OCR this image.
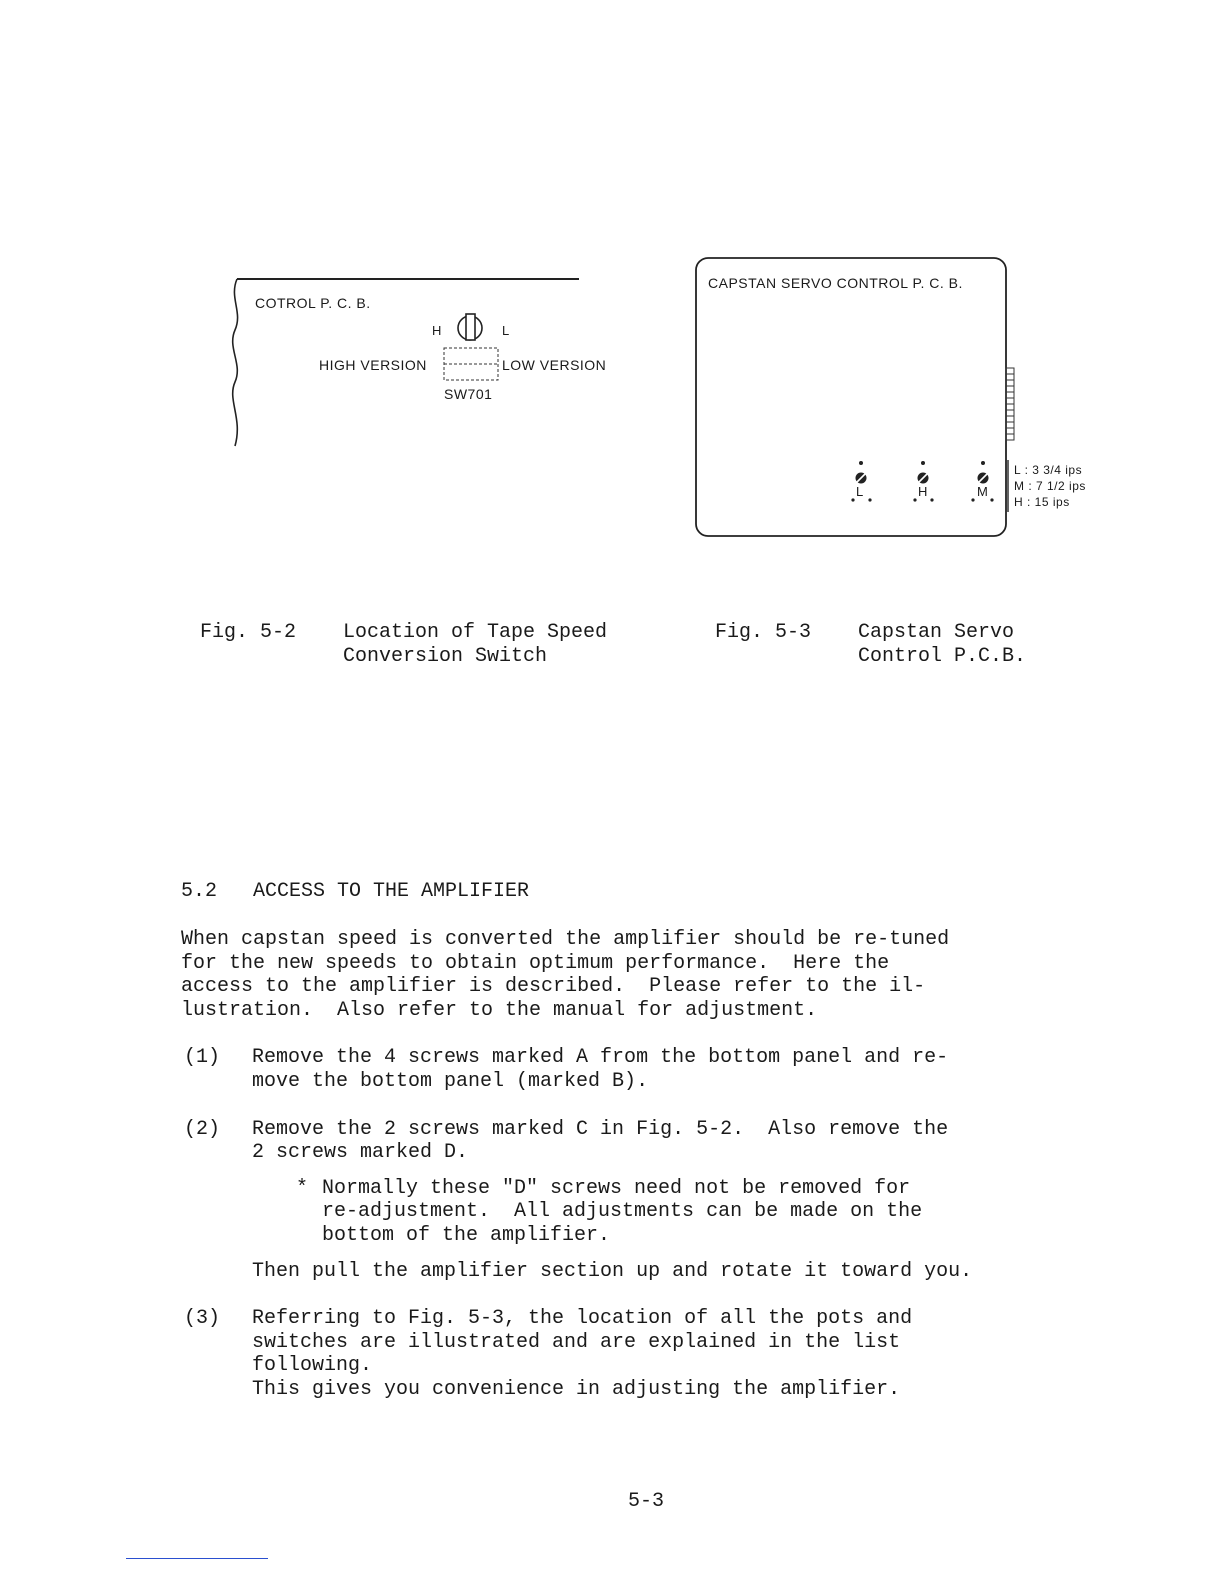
COTROL P. C. B.
H	L
HIGH VERSION	LOW VERSION
SW701
CAPSTAN SERVO CONTROL P. C. B.
L	H	M
L : 3 3/4 ips
M : 7 1/2 ips
H : 15 ips
Fig. 5-2 Location of Tape Speed
Conversion Switch
Fig. 5-3 Capstan Servo
Control P.C.B.
5.2   ACCESS TO THE AMPLIFIER
When capstan speed is converted the amplifier should be re-tuned
for the new speeds to obtain optimum performance.  Here the
access to the amplifier is described.  Please refer to the il-
lustration.  Also refer to the manual for adjustment.
(1) Remove the 4 screws marked A from the bottom panel and re-
move the bottom panel (marked B).
(2) Remove the 2 screws marked C in Fig. 5-2.  Also remove the
2 screws marked D.
* Normally these "D" screws need not be removed for
re-adjustment.  All adjustments can be made on the
bottom of the amplifier.
Then pull the amplifier section up and rotate it toward you.
(3) Referring to Fig. 5-3, the location of all the pots and
switches are illustrated and are explained in the list
following.
This gives you convenience in adjusting the amplifier.
5-3
